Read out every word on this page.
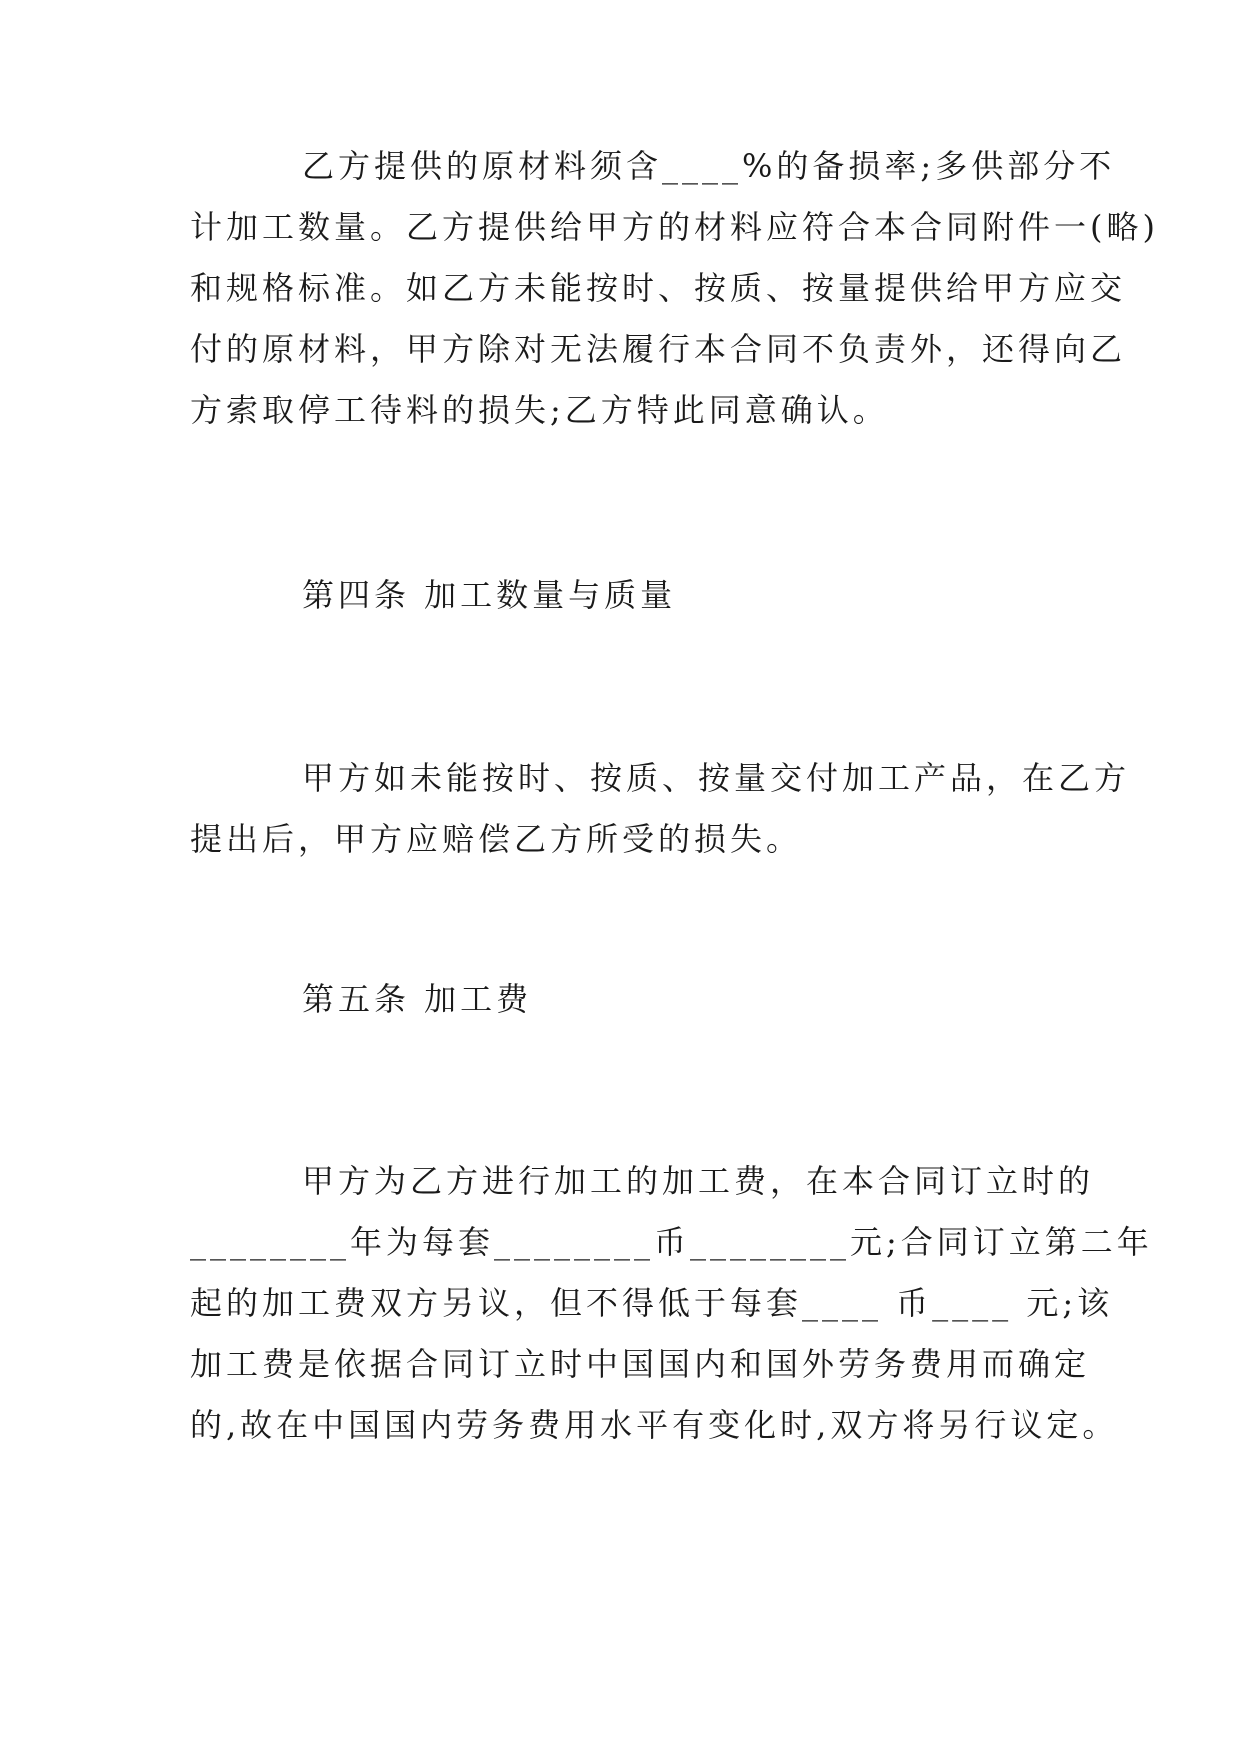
乙方提供的原材料须含____%的备损率;多供部分不
计加工数量。乙方提供给甲方的材料应符合本合同附件一(略)
和规格标准。如乙方未能按时、按质、按量提供给甲方应交
付的原材料，甲方除对无法履行本合同不负责外，还得向乙
方索取停工待料的损失;乙方特此同意确认。
第四条 加工数量与质量
甲方如未能按时、按质、按量交付加工产品，在乙方
提出后，甲方应赔偿乙方所受的损失。
第五条 加工费
甲方为乙方进行加工的加工费，在本合同订立时的
________年为每套________币________元;合同订立第二年
起的加工费双方另议，但不得低于每套____ 币____ 元;该
加工费是依据合同订立时中国国内和国外劳务费用而确定
的,故在中国国内劳务费用水平有变化时,双方将另行议定。
